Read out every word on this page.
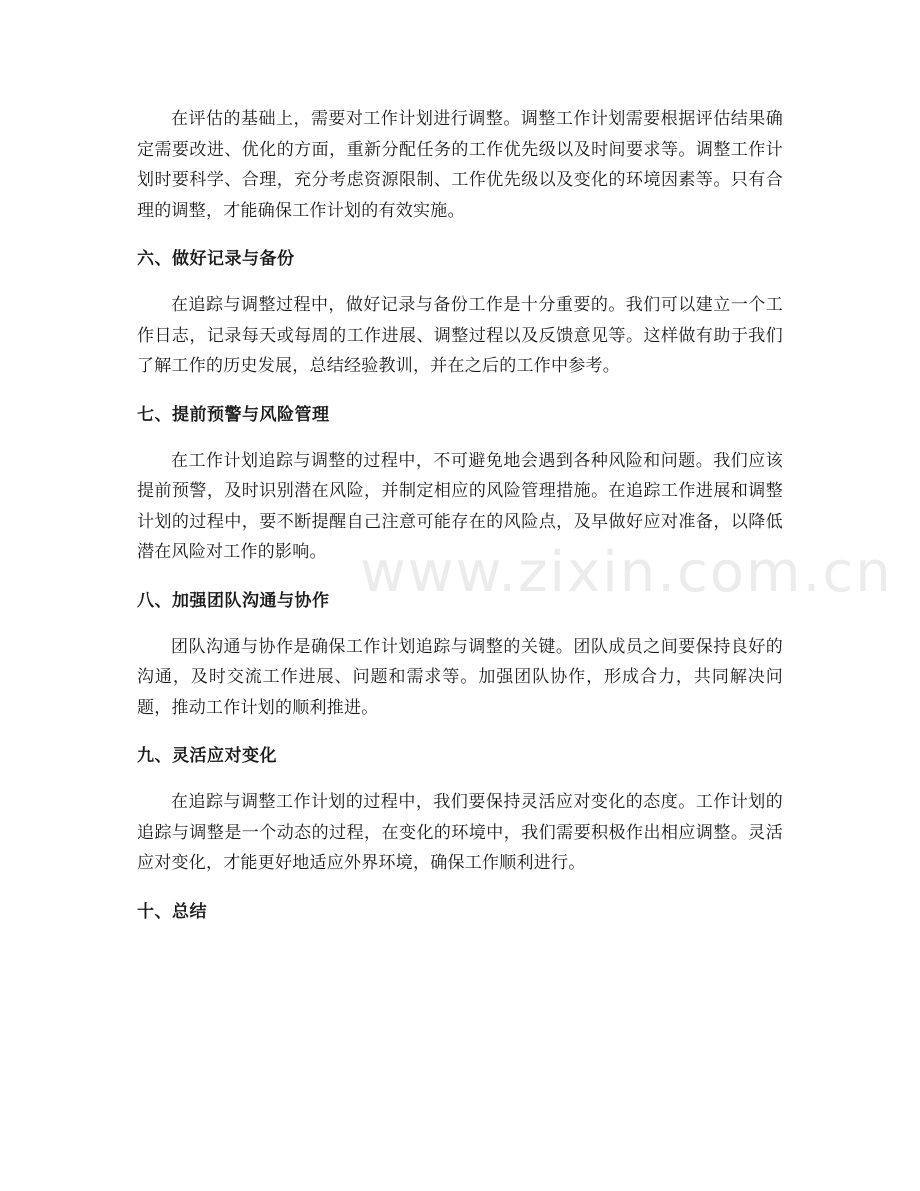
www.zixin.com.cn

在评估的基础上，需要对工作计划进行调整。调整工作计划需要根据评估结果确定需要改进、优化的方面，重新分配任务的工作优先级以及时间要求等。调整工作计划时要科学、合理，充分考虑资源限制、工作优先级以及变化的环境因素等。只有合理的调整，才能确保工作计划的有效实施。

六、做好记录与备份

在追踪与调整过程中，做好记录与备份工作是十分重要的。我们可以建立一个工作日志，记录每天或每周的工作进展、调整过程以及反馈意见等。这样做有助于我们了解工作的历史发展，总结经验教训，并在之后的工作中参考。

七、提前预警与风险管理

在工作计划追踪与调整的过程中，不可避免地会遇到各种风险和问题。我们应该提前预警，及时识别潜在风险，并制定相应的风险管理措施。在追踪工作进展和调整计划的过程中，要不断提醒自己注意可能存在的风险点，及早做好应对准备，以降低潜在风险对工作的影响。

八、加强团队沟通与协作

团队沟通与协作是确保工作计划追踪与调整的关键。团队成员之间要保持良好的沟通，及时交流工作进展、问题和需求等。加强团队协作，形成合力，共同解决问题，推动工作计划的顺利推进。

九、灵活应对变化

在追踪与调整工作计划的过程中，我们要保持灵活应对变化的态度。工作计划的追踪与调整是一个动态的过程，在变化的环境中，我们需要积极作出相应调整。灵活应对变化，才能更好地适应外界环境，确保工作顺利进行。

十、总结
